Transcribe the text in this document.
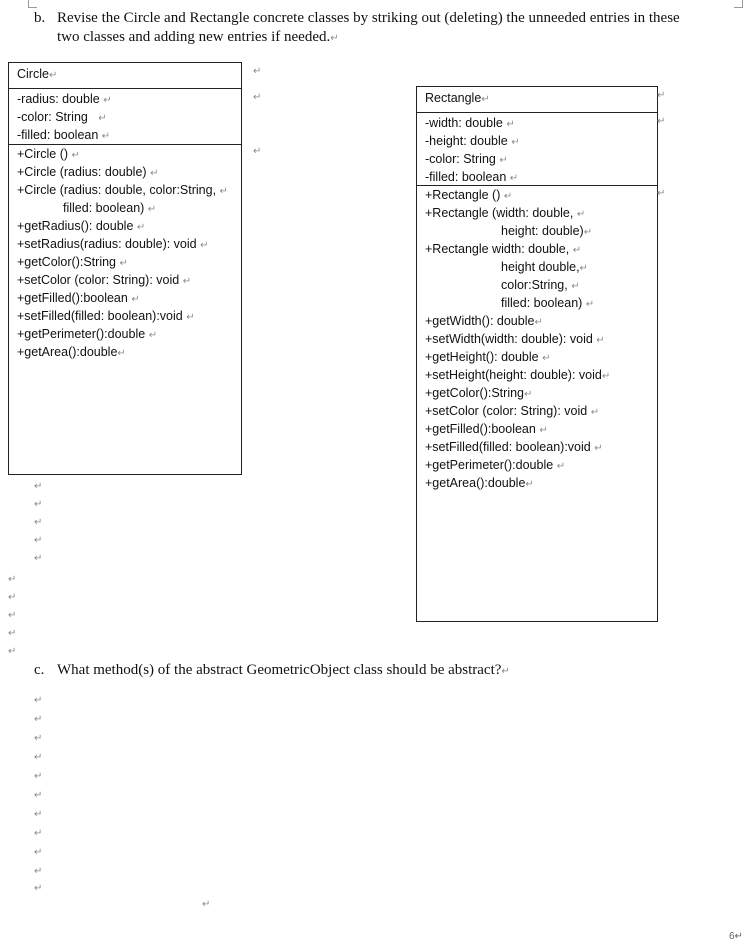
b. Revise the Circle and Rectangle concrete classes by striking out (deleting) the unneeded entries in these
two classes and adding new entries if needed.↵
Circle↵
-radius: double ↵
-color: String ↵
-filled: boolean ↵
+Circle () ↵
+Circle (radius: double) ↵
+Circle (radius: double, color:String, ↵
filled: boolean) ↵
+getRadius(): double ↵
+setRadius(radius: double): void ↵
+getColor():String ↵
+setColor (color: String): void ↵
+getFilled():boolean ↵
+setFilled(filled: boolean):void ↵
+getPerimeter():double ↵
+getArea():double↵
↵
↵
↵
Rectangle↵
-width: double ↵
-height: double ↵
-color: String ↵
-filled: boolean ↵
+Rectangle () ↵
+Rectangle (width: double, ↵
height: double)↵
+Rectangle width: double, ↵
height double,↵
color:String, ↵
filled: boolean) ↵
+getWidth(): double↵
+setWidth(width: double): void ↵
+getHeight(): double ↵
+setHeight(height: double): void↵
+getColor():String↵
+setColor (color: String): void ↵
+getFilled():boolean ↵
+setFilled(filled: boolean):void ↵
+getPerimeter():double ↵
+getArea():double↵
↵
↵
↵
↵
↵
↵
↵
↵
↵
↵
↵
↵
↵
c. What method(s) of the abstract GeometricObject class should be abstract?↵
↵
↵
↵
↵
↵
↵
↵
↵
↵
↵
↵
↵
6↵
